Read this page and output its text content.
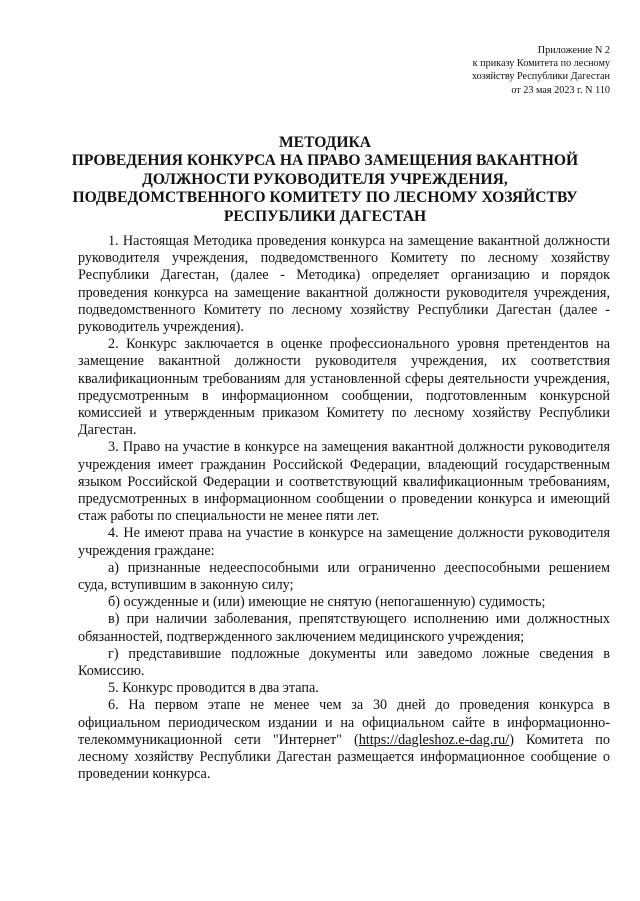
Приложение N 2
к приказу Комитета по лесному
хозяйству Республики Дагестан
от 23 мая 2023 г. N 110
МЕТОДИКА
ПРОВЕДЕНИЯ КОНКУРСА НА ПРАВО ЗАМЕЩЕНИЯ ВАКАНТНОЙ
ДОЛЖНОСТИ РУКОВОДИТЕЛЯ УЧРЕЖДЕНИЯ,
ПОДВЕДОМСТВЕННОГО КОМИТЕТУ ПО ЛЕСНОМУ ХОЗЯЙСТВУ
РЕСПУБЛИКИ ДАГЕСТАН

1. Настоящая Методика проведения конкурса на замещение вакантной должности руководителя учреждения, подведомственного Комитету по лесному хозяйству Республики Дагестан, (далее - Методика) определяет организацию и порядок проведения конкурса на замещение вакантной должности руководителя учреждения, подведомственного Комитету по лесному хозяйству Республики Дагестан (далее - руководитель учреждения).

2. Конкурс заключается в оценке профессионального уровня претендентов на замещение вакантной должности руководителя учреждения, их соответствия квалификационным требованиям для установленной сферы деятельности учреждения, предусмотренным в информационном сообщении, подготовленным конкурсной комиссией и утвержденным приказом Комитету по лесному хозяйству Республики Дагестан.

3. Право на участие в конкурсе на замещения вакантной должности руководителя учреждения имеет гражданин Российской Федерации, владеющий государственным языком Российской Федерации и соответствующий квалификационным требованиям, предусмотренных в информационном сообщении о проведении конкурса и имеющий стаж работы по специальности не менее пяти лет.

4. Не имеют права на участие в конкурсе на замещение должности руководителя учреждения граждане:

а) признанные недееспособными или ограниченно дееспособными решением суда, вступившим в законную силу;

б) осужденные и (или) имеющие не снятую (непогашенную) судимость;

в) при наличии заболевания, препятствующего исполнению ими должностных обязанностей, подтвержденного заключением медицинского учреждения;

г) представившие подложные документы или заведомо ложные сведения в Комиссию.

5. Конкурс проводится в два этапа.

6. На первом этапе не менее чем за 30 дней до проведения конкурса в официальном периодическом издании и на официальном сайте в информационно-телекоммуникационной сети "Интернет" (https://dagleshoz.e-dag.ru/) Комитета по лесному хозяйству Республики Дагестан размещается информационное сообщение о проведении конкурса.
